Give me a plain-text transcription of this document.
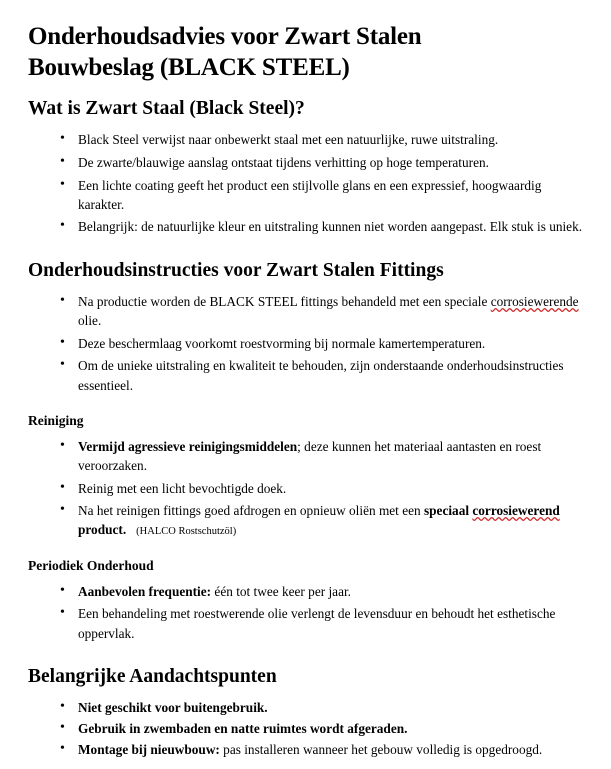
Onderhoudsadvies voor Zwart Stalen
Bouwbeslag (BLACK STEEL)
Wat is Zwart Staal (Black Steel)?
• Black Steel verwijst naar onbewerkt staal met een natuurlijke, ruwe uitstraling.
• De zwarte/blauwige aanslag ontstaat tijdens verhitting op hoge temperaturen.
• Een lichte coating geeft het product een stijlvolle glans en een expressief, hoogwaardig karakter.
• Belangrijk: de natuurlijke kleur en uitstraling kunnen niet worden aangepast. Elk stuk is uniek.
Onderhoudsinstructies voor Zwart Stalen Fittings
• Na productie worden de BLACK STEEL fittings behandeld met een speciale corrosiewerende olie.
• Deze beschermlaag voorkomt roestvorming bij normale kamertemperaturen.
• Om de unieke uitstraling en kwaliteit te behouden, zijn onderstaande onderhoudsinstructies essentieel.
Reiniging
• Vermijd agressieve reinigingsmiddelen; deze kunnen het materiaal aantasten en roest veroorzaken.
• Reinig met een licht bevochtigde doek.
• Na het reinigen fittings goed afdrogen en opnieuw oliën met een speciaal corrosiewerend product. (HALCO Rostschutzöl)
Periodiek Onderhoud
• Aanbevolen frequentie: één tot twee keer per jaar.
• Een behandeling met roestwerende olie verlengt de levensduur en behoudt het esthetische oppervlak.
Belangrijke Aandachtspunten
• Niet geschikt voor buitengebruik.
• Gebruik in zwembaden en natte ruimtes wordt afgeraden.
• Montage bij nieuwbouw: pas installeren wanneer het gebouw volledig is opgedroogd.
